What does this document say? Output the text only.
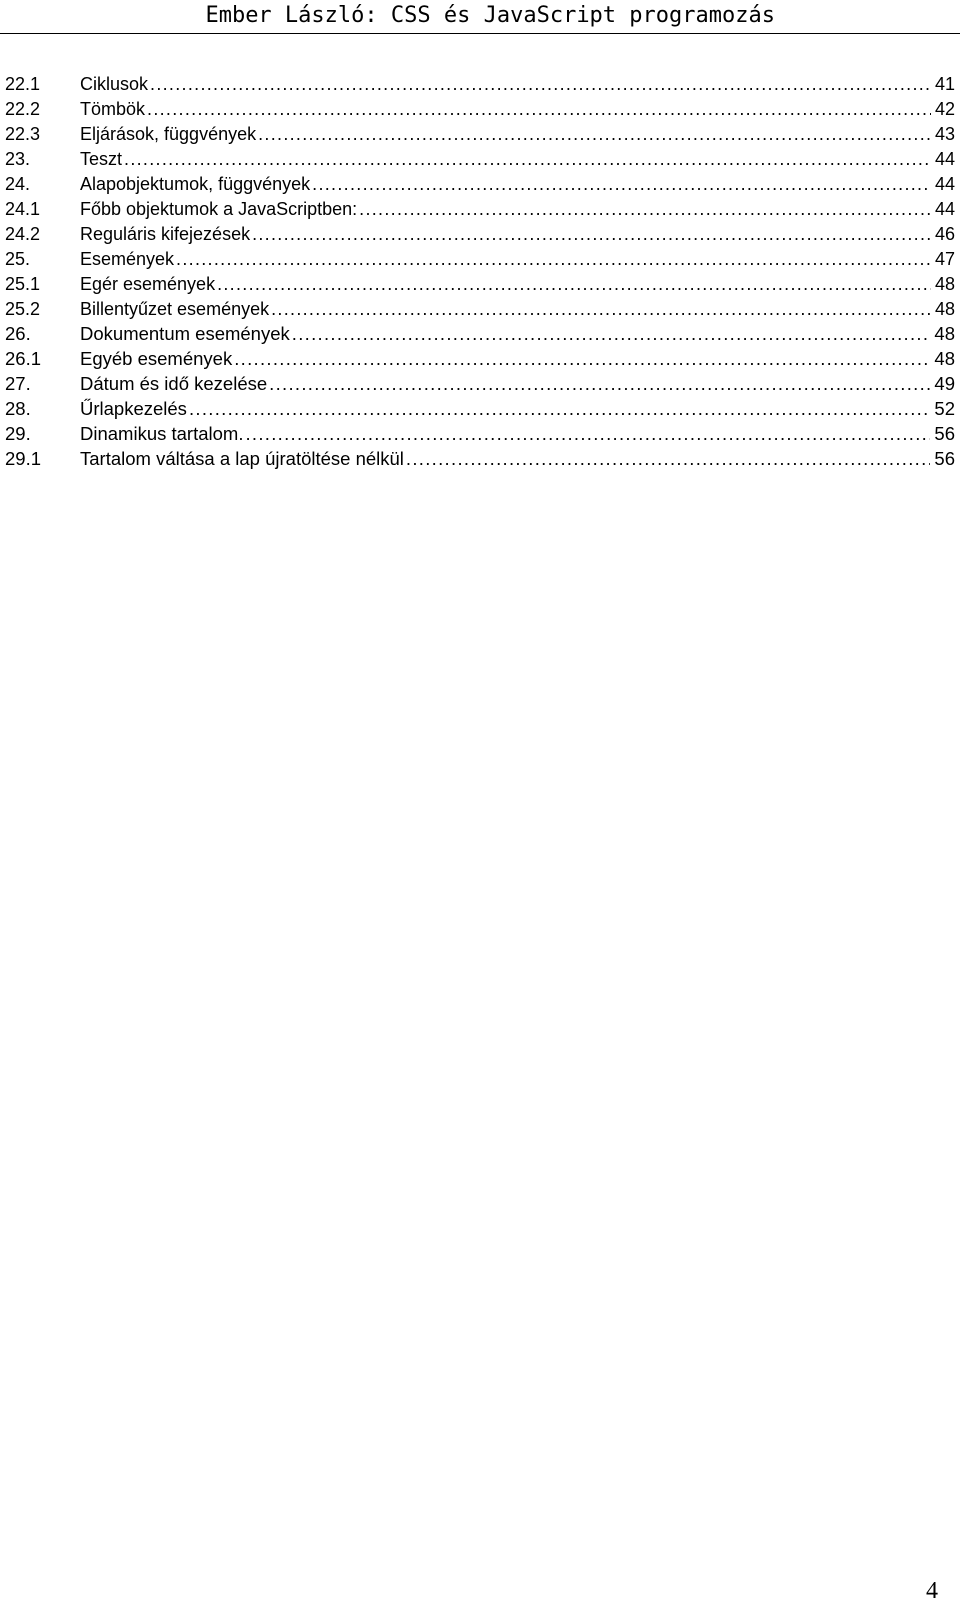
Ember László: CSS és JavaScript programozás
22.1	Ciklusok .....	41
22.2	Tömbök .....	42
22.3	Eljárások, függvények .....	43
23.	Teszt .....	44
24.	Alapobjektumok, függvények .....	44
24.1	Főbb objektumok a JavaScriptben: .....	44
24.2	Reguláris kifejezések .....	46
25.	Események .....	47
25.1	Egér események .....	48
25.2	Billentyűzet események .....	48
26.	Dokumentum események .....	48
26.1	Egyéb események .....	48
27.	Dátum és idő kezelése .....	49
28.	Űrlapkezelés .....	52
29.	Dinamikus tartalom. .....	56
29.1	Tartalom váltása a lap újratöltése nélkül .....	56
4
